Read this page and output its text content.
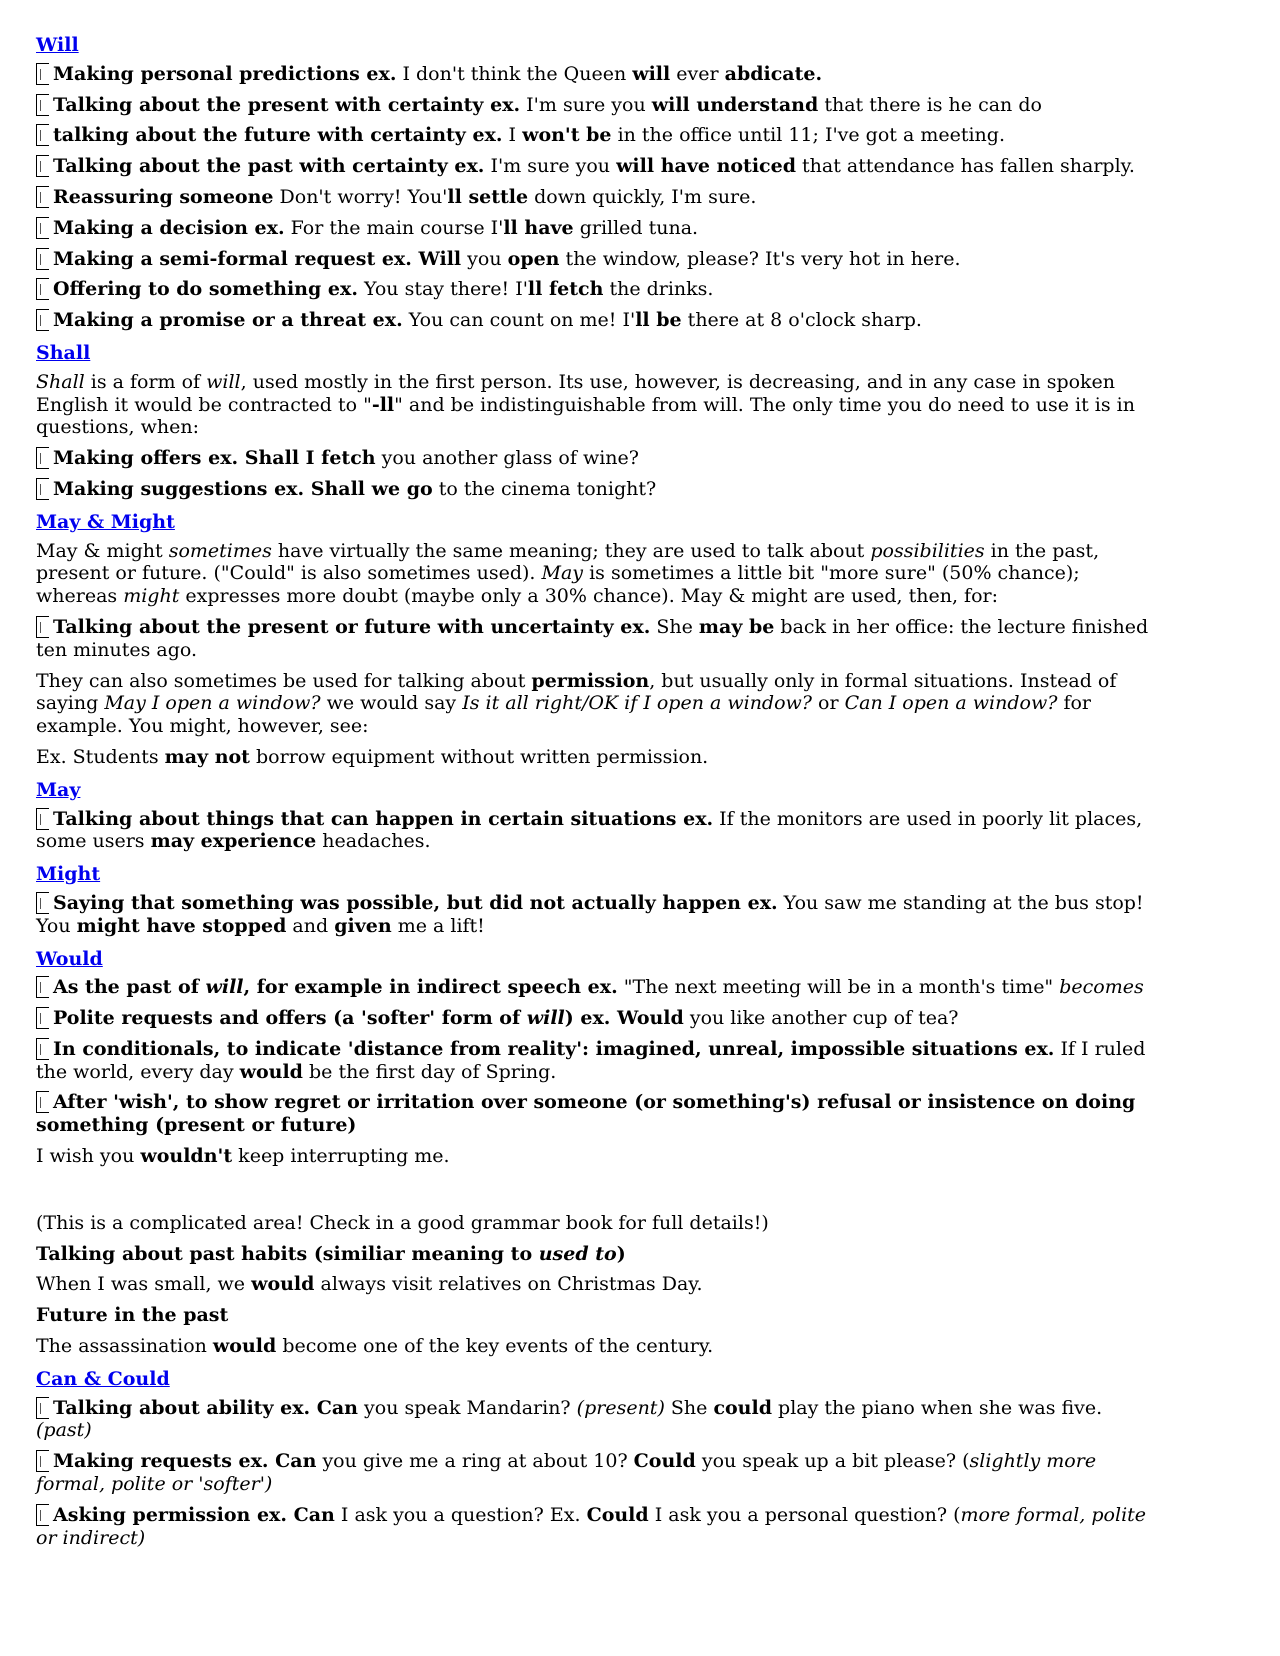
Will

Making personal predictions ex. I don't think the Queen will ever abdicate.

Talking about the present with certainty ex. I'm sure you will understand that there is he can do

talking about the future with certainty ex. I won't be in the office until 11; I've got a meeting.

Talking about the past with certainty ex. I'm sure you will have noticed that attendance has fallen sharply.

Reassuring someone Don't worry! You'll settle down quickly, I'm sure.

Making a decision ex. For the main course I'll have grilled tuna.

Making a semi-formal request ex. Will you open the window, please? It's very hot in here.

Offering to do something ex. You stay there! I'll fetch the drinks.

Making a promise or a threat ex. You can count on me! I'll be there at 8 o'clock sharp.

Shall

Shall is a form of will, used mostly in the first person. Its use, however, is decreasing, and in any case in spoken English it would be contracted to "-ll" and be indistinguishable from will. The only time you do need to use it is in questions, when:

Making offers ex. Shall I fetch you another glass of wine?

Making suggestions ex. Shall we go to the cinema tonight?

May & Might

May & might sometimes have virtually the same meaning; they are used to talk about possibilities in the past, present or future. ("Could" is also sometimes used). May is sometimes a little bit "more sure" (50% chance); whereas might expresses more doubt (maybe only a 30% chance). May & might are used, then, for:

Talking about the present or future with uncertainty ex. She may be back in her office: the lecture finished ten minutes ago.

They can also sometimes be used for talking about permission, but usually only in formal situations. Instead of saying May I open a window? we would say Is it all right/OK if I open a window? or Can I open a window? for example. You might, however, see:

Ex. Students may not borrow equipment without written permission.

May

Talking about things that can happen in certain situations ex. If the monitors are used in poorly lit places, some users may experience headaches.

Might

Saying that something was possible, but did not actually happen ex. You saw me standing at the bus stop! You might have stopped and given me a lift!

Would

As the past of will, for example in indirect speech ex. "The next meeting will be in a month's time" becomes

Polite requests and offers (a 'softer' form of will) ex. Would you like another cup of tea?

In conditionals, to indicate 'distance from reality': imagined, unreal, impossible situations ex. If I ruled the world, every day would be the first day of Spring.

After 'wish', to show regret or irritation over someone (or something's) refusal or insistence on doing something (present or future)

I wish you wouldn't keep interrupting me.

(This is a complicated area! Check in a good grammar book for full details!)

Talking about past habits (similiar meaning to used to)

When I was small, we would always visit relatives on Christmas Day.

Future in the past

The assassination would become one of the key events of the century.

Can & Could

Talking about ability ex. Can you speak Mandarin? (present) She could play the piano when she was five. (past)

Making requests ex. Can you give me a ring at about 10? Could you speak up a bit please? (slightly more formal, polite or 'softer')

Asking permission ex. Can I ask you a question? Ex. Could I ask you a personal question? (more formal, polite or indirect)
